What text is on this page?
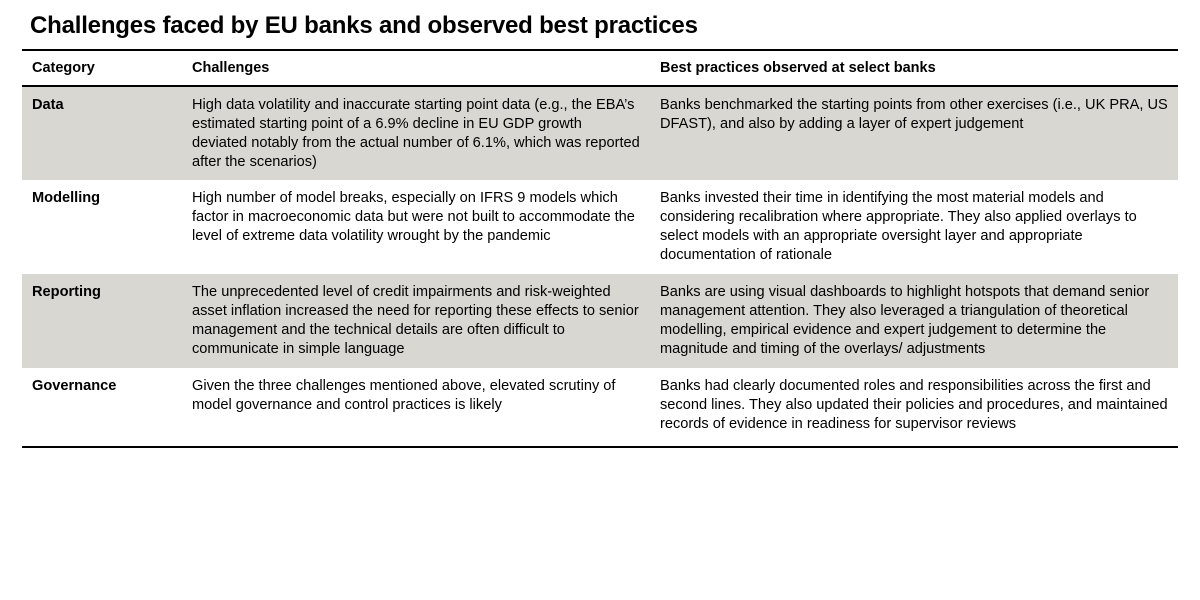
Challenges faced by EU banks and observed best practices
Category	Challenges	Best practices observed at select banks
Data	High data volatility and inaccurate starting point data (e.g., the EBA’s estimated starting point of a 6.9% decline in EU GDP growth deviated notably from the actual number of 6.1%, which was reported after the scenarios)	Banks benchmarked the starting points from other exercises (i.e., UK PRA, US DFAST), and also by adding a layer of expert judgement
Modelling	High number of model breaks, especially on IFRS 9 models which factor in macroeconomic data but were not built to accommodate the level of extreme data volatility wrought by the pandemic	Banks invested their time in identifying the most material models and considering recalibration where appropriate. They also applied overlays to select models with an appropriate oversight layer and appropriate documentation of rationale
Reporting	The unprecedented level of credit impairments and risk-weighted asset inflation increased the need for reporting these effects to senior management and the technical details are often difficult to communicate in simple language	Banks are using visual dashboards to highlight hotspots that demand senior management attention. They also leveraged a triangulation of theoretical modelling, empirical evidence and expert judgement to determine the magnitude and timing of the overlays/ adjustments
Governance	Given the three challenges mentioned above, elevated scrutiny of model governance and control practices is likely	Banks had clearly documented roles and responsibilities across the first and second lines. They also updated their policies and procedures, and maintained records of evidence in readiness for supervisor reviews
